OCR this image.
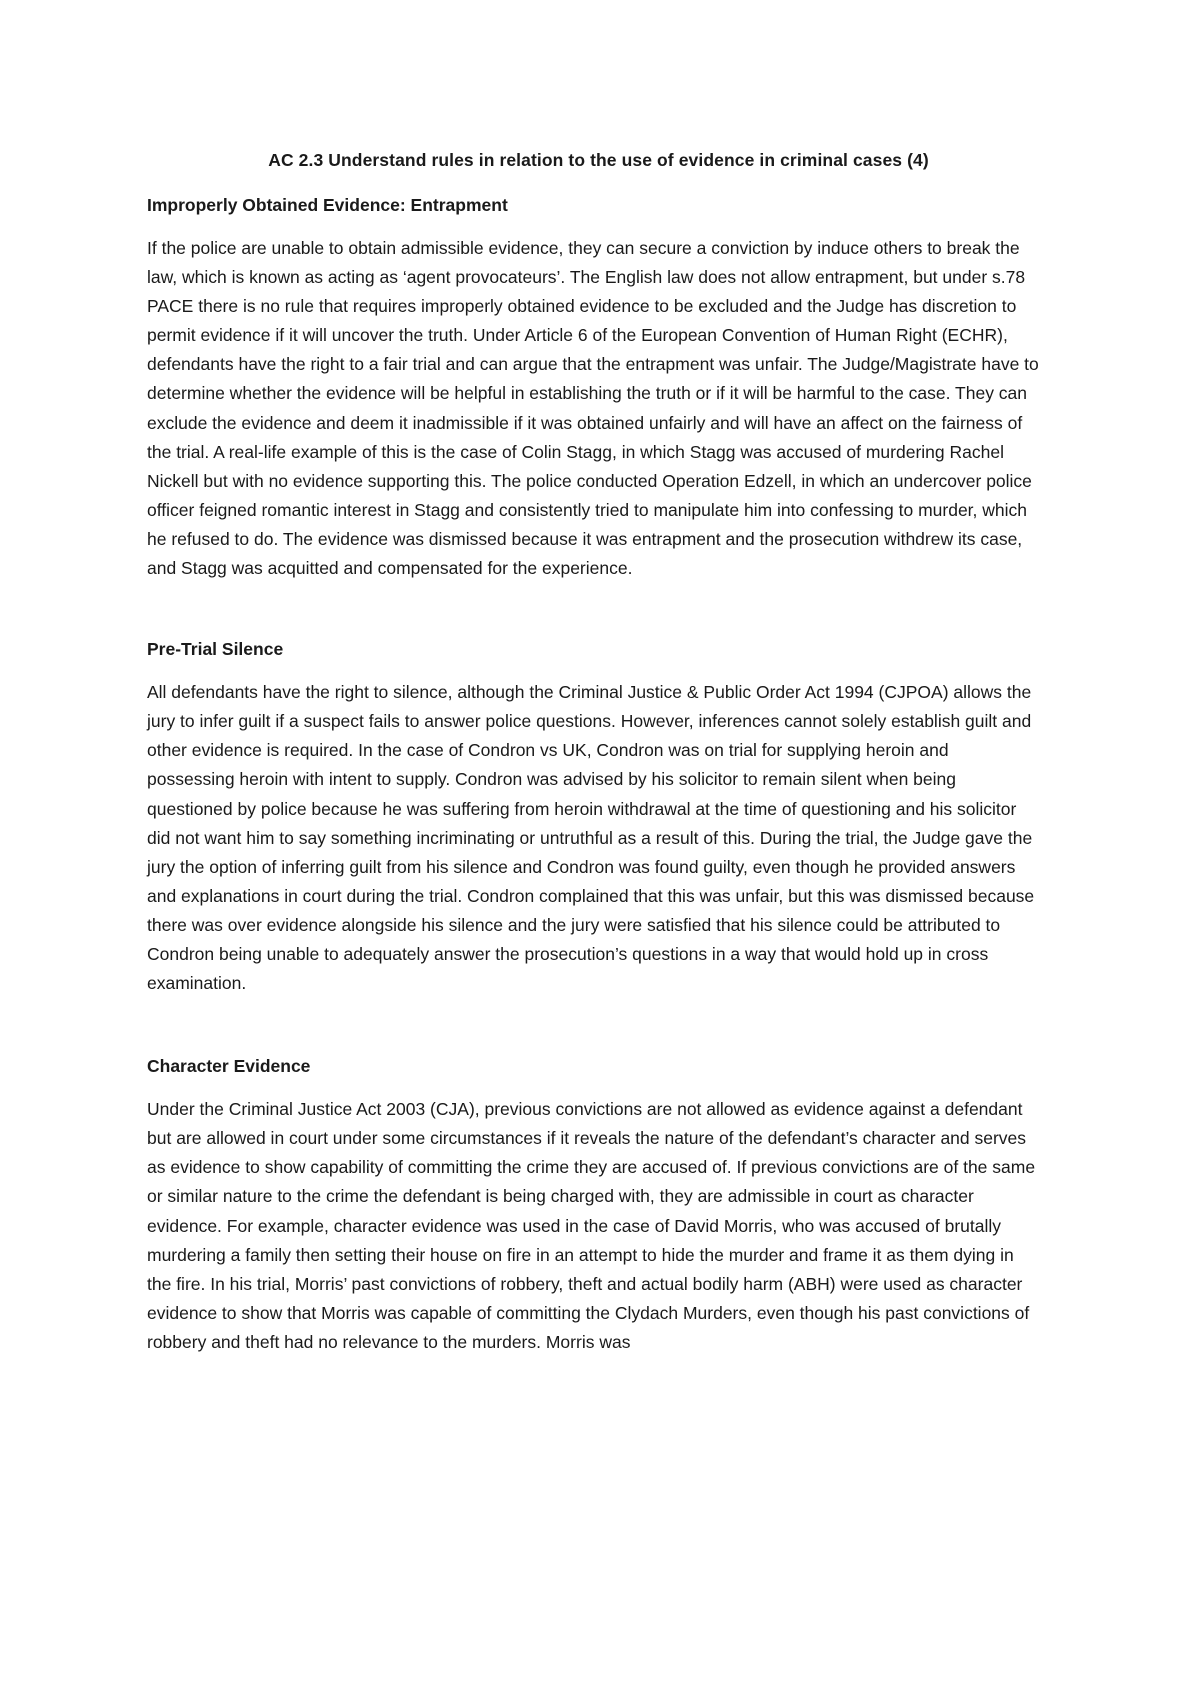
AC 2.3 Understand rules in relation to the use of evidence in criminal cases (4)
Improperly Obtained Evidence: Entrapment

If the police are unable to obtain admissible evidence, they can secure a conviction by induce others to break the law, which is known as acting as ‘agent provocateurs’. The English law does not allow entrapment, but under s.78 PACE there is no rule that requires improperly obtained evidence to be excluded and the Judge has discretion to permit evidence if it will uncover the truth. Under Article 6 of the European Convention of Human Right (ECHR), defendants have the right to a fair trial and can argue that the entrapment was unfair. The Judge/Magistrate have to determine whether the evidence will be helpful in establishing the truth or if it will be harmful to the case. They can exclude the evidence and deem it inadmissible if it was obtained unfairly and will have an affect on the fairness of the trial. A real-life example of this is the case of Colin Stagg, in which Stagg was accused of murdering Rachel Nickell but with no evidence supporting this. The police conducted Operation Edzell, in which an undercover police officer feigned romantic interest in Stagg and consistently tried to manipulate him into confessing to murder, which he refused to do. The evidence was dismissed because it was entrapment and the prosecution withdrew its case, and Stagg was acquitted and compensated for the experience.

Pre-Trial Silence

All defendants have the right to silence, although the Criminal Justice & Public Order Act 1994 (CJPOA) allows the jury to infer guilt if a suspect fails to answer police questions. However, inferences cannot solely establish guilt and other evidence is required. In the case of Condron vs UK, Condron was on trial for supplying heroin and possessing heroin with intent to supply. Condron was advised by his solicitor to remain silent when being questioned by police because he was suffering from heroin withdrawal at the time of questioning and his solicitor did not want him to say something incriminating or untruthful as a result of this. During the trial, the Judge gave the jury the option of inferring guilt from his silence and Condron was found guilty, even though he provided answers and explanations in court during the trial. Condron complained that this was unfair, but this was dismissed because there was over evidence alongside his silence and the jury were satisfied that his silence could be attributed to Condron being unable to adequately answer the prosecution’s questions in a way that would hold up in cross examination.

Character Evidence

Under the Criminal Justice Act 2003 (CJA), previous convictions are not allowed as evidence against a defendant but are allowed in court under some circumstances if it reveals the nature of the defendant’s character and serves as evidence to show capability of committing the crime they are accused of. If previous convictions are of the same or similar nature to the crime the defendant is being charged with, they are admissible in court as character evidence. For example, character evidence was used in the case of David Morris, who was accused of brutally murdering a family then setting their house on fire in an attempt to hide the murder and frame it as them dying in the fire. In his trial, Morris’ past convictions of robbery, theft and actual bodily harm (ABH) were used as character evidence to show that Morris was capable of committing the Clydach Murders, even though his past convictions of robbery and theft had no relevance to the murders. Morris was
